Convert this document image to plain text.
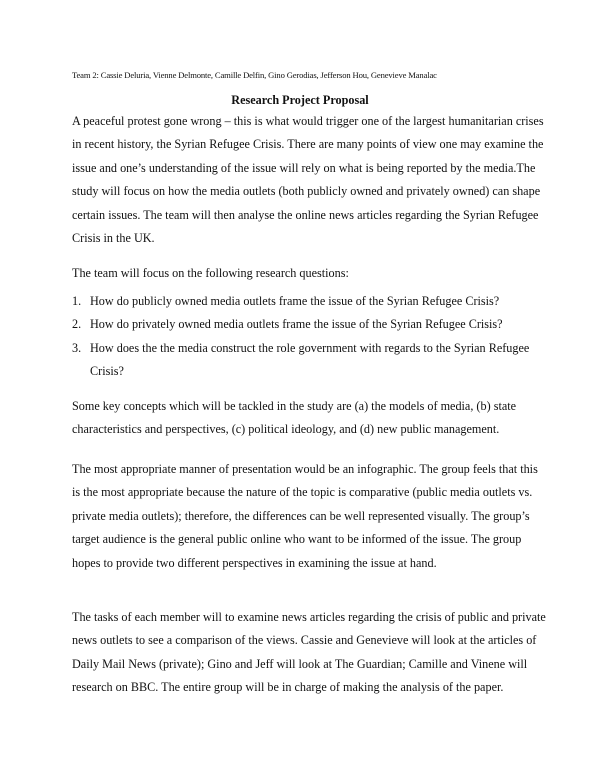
Team 2: Cassie Deluria, Vienne Delmonte, Camille Delfin, Gino Gerodias, Jefferson Hou, Genevieve Manalac
Research Project Proposal
A peaceful protest gone wrong – this is what would trigger one of the largest humanitarian crises
in recent history, the Syrian Refugee Crisis. There are many points of view one may examine the
issue and one’s understanding of the issue will rely on what is being reported by the media.The
study will focus on how the media outlets (both publicly owned and privately owned) can shape
certain issues. The team will then analyse the online news articles regarding the Syrian Refugee
Crisis in the UK.
The team will focus on the following research questions:
1. How do publicly owned media outlets frame the issue of the Syrian Refugee Crisis?
2. How do privately owned media outlets frame the issue of the Syrian Refugee Crisis?
3. How does the the media construct the role government with regards to the Syrian Refugee
Crisis?
Some key concepts which will be tackled in the study are (a) the models of media, (b) state
characteristics and perspectives, (c) political ideology, and (d) new public management.
The most appropriate manner of presentation would be an infographic. The group feels that this
is the most appropriate because the nature of the topic is comparative (public media outlets vs.
private media outlets); therefore, the differences can be well represented visually. The group’s
target audience is the general public online who want to be informed of the issue. The group
hopes to provide two different perspectives in examining the issue at hand.
The tasks of each member will to examine news articles regarding the crisis of public and private
news outlets to see a comparison of the views. Cassie and Genevieve will look at the articles of
Daily Mail News (private); Gino and Jeff will look at The Guardian; Camille and Vinene will
research on BBC. The entire group will be in charge of making the analysis of the paper.
